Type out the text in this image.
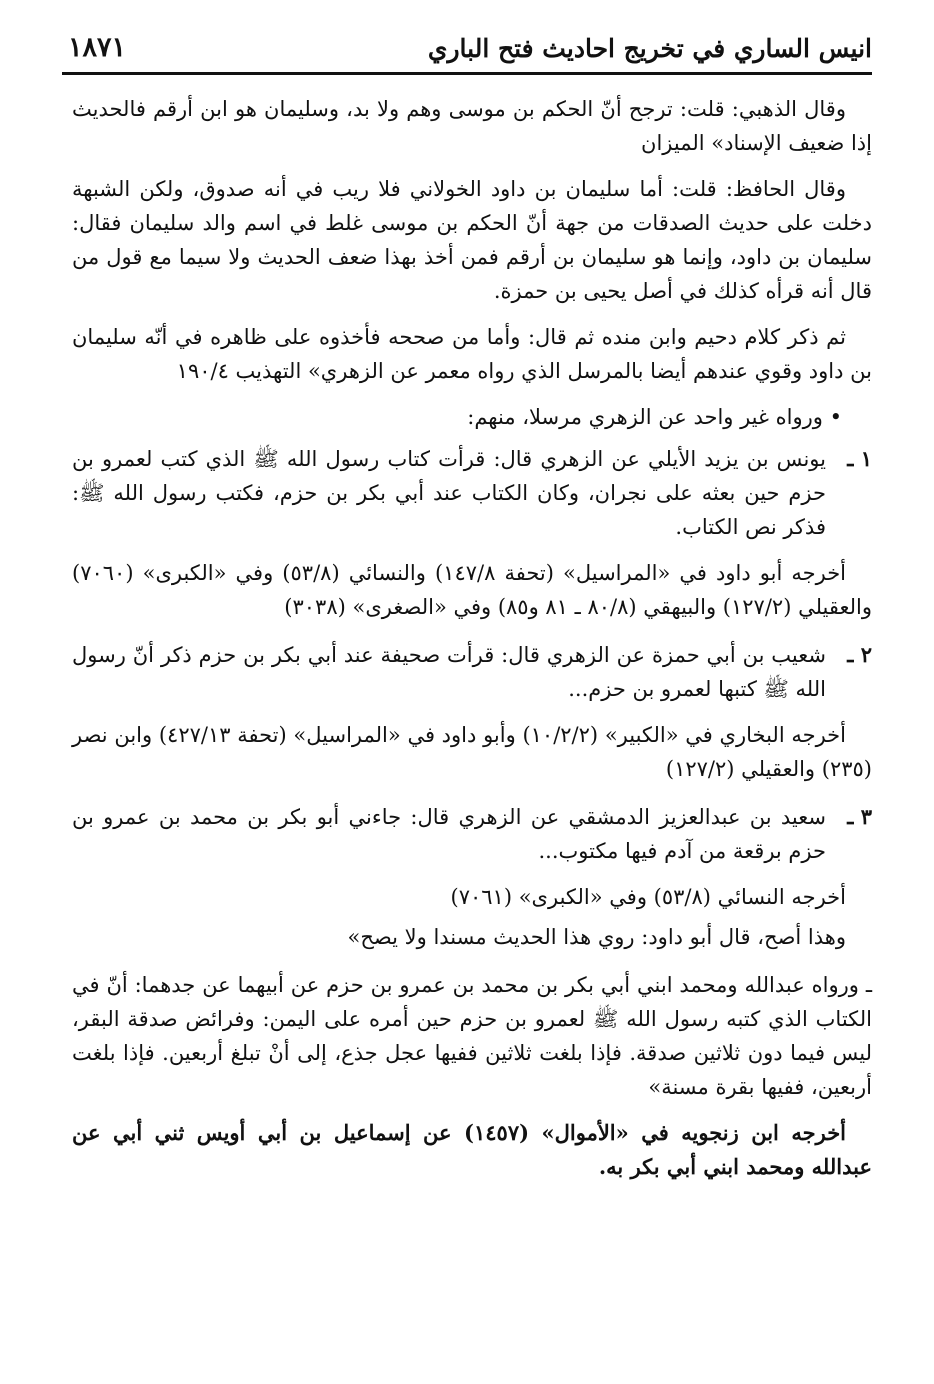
انيس الساري في تخريج احاديث فتح الباري
١٨٧١

وقال الذهبي: قلت: ترجح أنّ الحكم بن موسى وهم ولا بد، وسليمان هو ابن أرقم فالحديث إذا ضعيف الإسناد» الميزان

وقال الحافظ: قلت: أما سليمان بن داود الخولاني فلا ريب في أنه صدوق، ولكن الشبهة دخلت على حديث الصدقات من جهة أنّ الحكم بن موسى غلط في اسم والد سليمان فقال: سليمان بن داود، وإنما هو سليمان بن أرقم فمن أخذ بهذا ضعف الحديث ولا سيما مع قول من قال أنه قرأه كذلك في أصل يحيى بن حمزة.

ثم ذكر كلام دحيم وابن منده ثم قال: وأما من صححه فأخذوه على ظاهره في أنّه سليمان بن داود وقوي عندهم أيضا بالمرسل الذي رواه معمر عن الزهري» التهذيب ١٩٠/٤

• ورواه غير واحد عن الزهري مرسلا، منهم:

١ ـ

يونس بن يزيد الأيلي عن الزهري قال: قرأت كتاب رسول الله ﷺ الذي كتب لعمرو بن حزم حين بعثه على نجران، وكان الكتاب عند أبي بكر بن حزم، فكتب رسول الله ﷺ: فذكر نص الكتاب.

أخرجه أبو داود في «المراسيل» (تحفة ١٤٧/٨) والنسائي (٥٣/٨) وفي «الكبرى» (٧٠٦٠) والعقيلي (١٢٧/٢) والبيهقي (٨٠/٨ ـ ٨١ و٨٥) وفي «الصغرى» (٣٠٣٨)

٢ ـ

شعيب بن أبي حمزة عن الزهري قال: قرأت صحيفة عند أبي بكر بن حزم ذكر أنّ رسول الله ﷺ كتبها لعمرو بن حزم...

أخرجه البخاري في «الكبير» (١٠/٢/٢) وأبو داود في «المراسيل» (تحفة ٤٢٧/١٣) وابن نصر (٢٣٥) والعقيلي (١٢٧/٢)

٣ ـ

سعيد بن عبدالعزيز الدمشقي عن الزهري قال: جاءني أبو بكر بن محمد بن عمرو بن حزم برقعة من آدم فيها مكتوب...

أخرجه النسائي (٥٣/٨) وفي «الكبرى» (٧٠٦١)

وهذا أصح، قال أبو داود: روي هذا الحديث مسندا ولا يصح»

ـ ورواه عبدالله ومحمد ابني أبي بكر بن محمد بن عمرو بن حزم عن أبيهما عن جدهما: أنّ في الكتاب الذي كتبه رسول الله ﷺ لعمرو بن حزم حين أمره على اليمن: وفرائض صدقة البقر، ليس فيما دون ثلاثين صدقة. فإذا بلغت ثلاثين ففيها عجل جذع، إلى أنْ تبلغ أربعين. فإذا بلغت أربعين، ففيها بقرة مسنة»

أخرجه ابن زنجويه في «الأموال» (١٤٥٧) عن إسماعيل بن أبي أويس ثني أبي عن عبدالله ومحمد ابني أبي بكر به.
